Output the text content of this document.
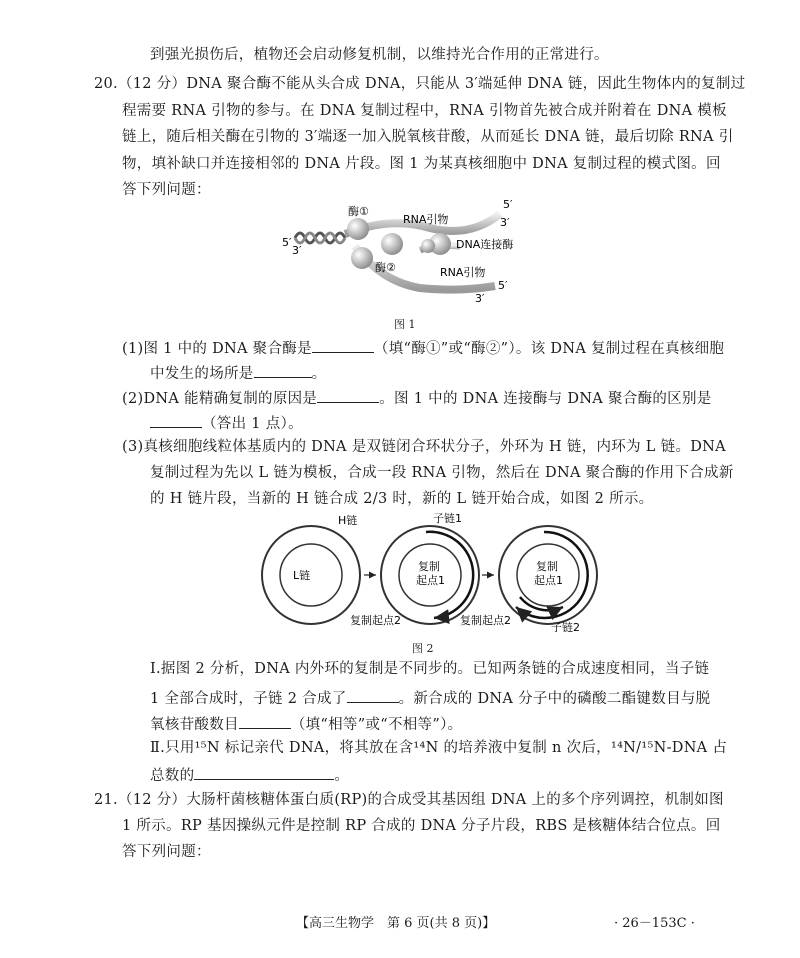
到强光损伤后，植物还会启动修复机制，以维持光合作用的正常进行。
20.（12 分）DNA 聚合酶不能从头合成 DNA，只能从 3′端延伸 DNA 链，因此生物体内的复制过
程需要 RNA 引物的参与。在 DNA 复制过程中，RNA 引物首先被合成并附着在 DNA 模板
链上，随后相关酶在引物的 3′端逐一加入脱氧核苷酸，从而延长 DNA 链，最后切除 RNA 引
物，填补缺口并连接相邻的 DNA 片段。图 1 为某真核细胞中 DNA 复制过程的模式图。回
答下列问题：
酶①
酶②
RNA引物
DNA连接酶
RNA引物
5′
3′
5′
3′
5′
3′
图 1
(1)图 1 中的 DNA 聚合酶是	（填“酶①”或“酶②”）。该 DNA 复制过程在真核细胞
中发生的场所是	。
(2)DNA 能精确复制的原因是	。图 1 中的 DNA 连接酶与 DNA 聚合酶的区别是
（答出 1 点）。
(3)真核细胞线粒体基质内的 DNA 是双链闭合环状分子，外环为 H 链，内环为 L 链。DNA
复制过程为先以 L 链为模板，合成一段 RNA 引物，然后在 DNA 聚合酶的作用下合成新
的 H 链片段，当新的 H 链合成 2/3 时，新的 L 链开始合成，如图 2 所示。
H链
L链
子链1
复制
起点1
复制
起点1
复制起点2	复制起点2
子链2
图 2
Ⅰ.据图 2 分析，DNA 内外环的复制是不同步的。已知两条链的合成速度相同，当子链
1 全部合成时，子链 2 合成了	。新合成的 DNA 分子中的磷酸二酯键数目与脱
氧核苷酸数目	（填“相等”或“不相等”）。
Ⅱ.只用¹⁵N 标记亲代 DNA，将其放在含¹⁴N 的培养液中复制 n 次后，¹⁴N/¹⁵N-DNA 占
总数的	。
21.（12 分）大肠杆菌核糖体蛋白质(RP)的合成受其基因组 DNA 上的多个序列调控，机制如图
1 所示。RP 基因操纵元件是控制 RP 合成的 DNA 分子片段，RBS 是核糖体结合位点。回
答下列问题：
【高三生物学　第 6 页(共 8 页)】	· 26－153C ·
